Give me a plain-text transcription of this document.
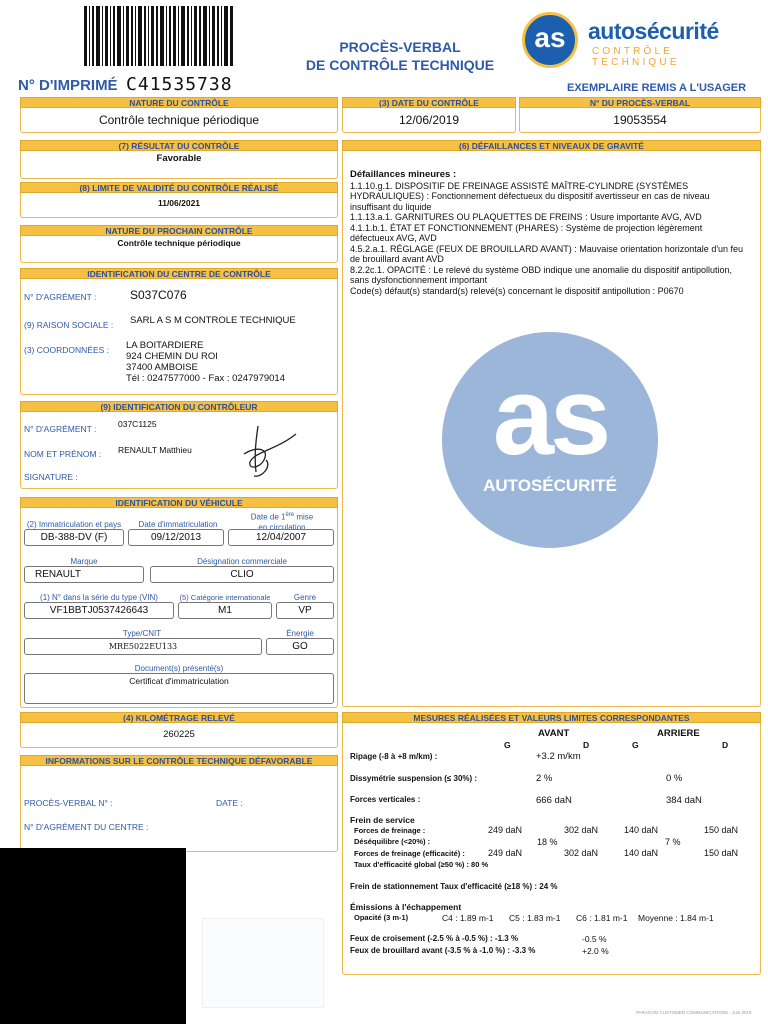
N° D'IMPRIMÉ C41535738
PROCÈS-VERBAL
DE CONTRÔLE TECHNIQUE
as autosécurité
CONTRÔLE TECHNIQUE
EXEMPLAIRE REMIS A L'USAGER
NATURE DU CONTRÔLE
Contrôle technique périodique
(3) DATE DU CONTRÔLE
12/06/2019
N° DU PROCÈS-VERBAL
19053554
(7) RÉSULTAT DU CONTRÔLE
Favorable
(8) LIMITE DE VALIDITÉ DU CONTRÔLE RÉALISÉ
11/06/2021
NATURE DU PROCHAIN CONTRÔLE
Contrôle technique périodique
IDENTIFICATION DU CENTRE DE CONTRÔLE
N° D'AGRÉMENT :	S037C076
(9) RAISON SOCIALE : SARL A S M CONTROLE TECHNIQUE
(3) COORDONNÉES : LA BOITARDIERE
924 CHEMIN DU ROI
37400 AMBOISE
Tél : 0247577000 - Fax : 0247979014
(9) IDENTIFICATION DU CONTRÔLEUR
N° D'AGRÉMENT :	037C1125
NOM ET PRÉNOM : RENAULT Matthieu
SIGNATURE :
IDENTIFICATION DU VÉHICULE
(2) Immatriculation et pays	Date d'immatriculation
Date de 1ère mise
en circulation
DB-388-DV (F)	09/12/2013	12/04/2007
Marque	Désignation commerciale
RENAULT	CLIO
(1) N° dans la série du type (VIN)	(5) Catégorie internationale	Genre
VF1BBTJ0537426643	M1	VP
Type/CNIT	Énergie
MRE5022EU133	GO
Document(s) présenté(s)
Certificat d'immatriculation
(4) KILOMÉTRAGE RELEVÉ
260225
INFORMATIONS SUR LE CONTRÔLE TECHNIQUE DÉFAVORABLE
PROCÈS-VERBAL N° :	DATE :
N° D'AGRÉMENT DU CENTRE :
(6) DÉFAILLANCES ET NIVEAUX DE GRAVITÉ
as
AUTOSÉCURITÉ
Défaillances mineures :
1.1.10.g.1. DISPOSITIF DE FREINAGE ASSISTÉ MAÎTRE-CYLINDRE (SYSTÈMES HYDRAULIQUES) : Fonctionnement défectueux du dispositif avertisseur en cas de niveau insuffisant du liquide
1.1.13.a.1. GARNITURES OU PLAQUETTES DE FREINS : Usure importante AVG, AVD
4.1.1.b.1. ÉTAT ET FONCTIONNEMENT (PHARES) : Système de projection légèrement défectueux AVG, AVD
4.5.2.a.1. RÉGLAGE (FEUX DE BROUILLARD AVANT) : Mauvaise orientation horizontale d'un feu de brouillard avant AVD
8.2.2c.1. OPACITÉ : Le relevé du système OBD indique une anomalie du dispositif antipollution, sans dysfonctionnement important
Code(s) défaut(s) standard(s) relevé(s) concernant le dispositif antipollution : P0670
MESURES RÉALISÉES ET VALEURS LIMITES CORRESPONDANTES
AVANT	ARRIERE
G	D	G	D
Ripage (-8 à +8 m/km) :	+3.2 m/km
Dissymétrie suspension (≤ 30%) :	2 %	0 %
Forces verticales :	666 daN	384 daN
Frein de service
Forces de freinage :	249 daN	302 daN	140 daN	150 daN
Déséquilibre (<20%) :	18 %	7 %
Forces de freinage (efficacité) :	249 daN	302 daN	140 daN	150 daN
Taux d'efficacité global (≥50 %) : 80 %
Frein de stationnement Taux d'efficacité (≥18 %) : 24 %
Émissions à l'échappement
Opacité (3 m-1)	C4 : 1.89 m-1 C5 : 1.83 m-1 C6 : 1.81 m-1 Moyenne : 1.84 m-1
Feux de croisement (-2.5 % à -0.5 %) : -1.3 %	-0.5 %
Feux de brouillard avant (-3.5 % à -1.0 %) : -3.3 %	+2.0 %
PARAGON CUSTOMER COMMUNICATIONS - Juin 2018
